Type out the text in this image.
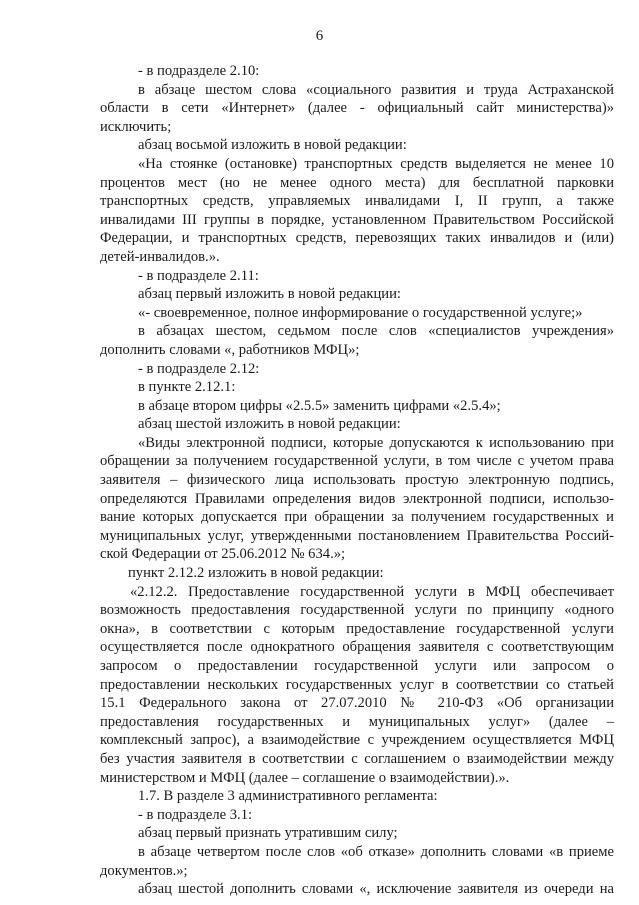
6

- в подразделе 2.10:

в абзаце шестом слова «социального развития и труда Астраханской

области в сети «Интернет» (далее - официальный сайт министерства)»

исключить;

абзац восьмой изложить в новой редакции:

«На стоянке (остановке) транспортных средств выделяется не менее 10

процентов мест (но не менее одного места) для бесплатной парковки

транспортных средств, управляемых инвалидами I, II групп, а также

инвалидами III группы в порядке, установленном Правительством Российской

Федерации, и транспортных средств, перевозящих таких инвалидов и (или)

детей-инвалидов.».

- в подразделе 2.11:

абзац первый изложить в новой редакции:

«- своевременное, полное информирование о государственной услуге;»

в абзацах шестом, седьмом после слов «специалистов учреждения»

дополнить словами «, работников МФЦ»;

- в подразделе 2.12:

в пункте 2.12.1:

в абзаце втором цифры «2.5.5» заменить цифрами «2.5.4»;

абзац шестой изложить в новой редакции:

«Виды электронной подписи, которые допускаются к использованию при

обращении за получением государственной услуги, в том числе с учетом права

заявителя – физического лица использовать простую электронную подпись,

определяются Правилами определения видов электронной подписи, использо-

вание которых допускается при обращении за получением государственных и

муниципальных услуг, утвержденными постановлением Правительства Россий-

ской Федерации от 25.06.2012 № 634.»;

пункт 2.12.2 изложить в новой редакции:

«2.12.2. Предоставление государственной услуги в МФЦ обеспечивает

возможность предоставления государственной услуги по принципу «одного

окна», в соответствии с которым предоставление государственной услуги

осуществляется после однократного обращения заявителя с соответствующим

запросом о предоставлении государственной услуги или запросом о

предоставлении нескольких государственных услуг в соответствии со статьей

15.1 Федерального закона от 27.07.2010 № 210-ФЗ «Об организации

предоставления государственных и муниципальных услуг» (далее –

комплексный запрос), а взаимодействие с учреждением осуществляется МФЦ

без участия заявителя в соответствии с соглашением о взаимодействии между

министерством и МФЦ (далее – соглашение о взаимодействии).».

1.7. В разделе 3 административного регламента:

- в подразделе 3.1:

абзац первый признать утратившим силу;

в абзаце четвертом после слов «об отказе» дополнить словами «в приеме

документов.»;

абзац шестой дополнить словами «, исключение заявителя из очереди на
